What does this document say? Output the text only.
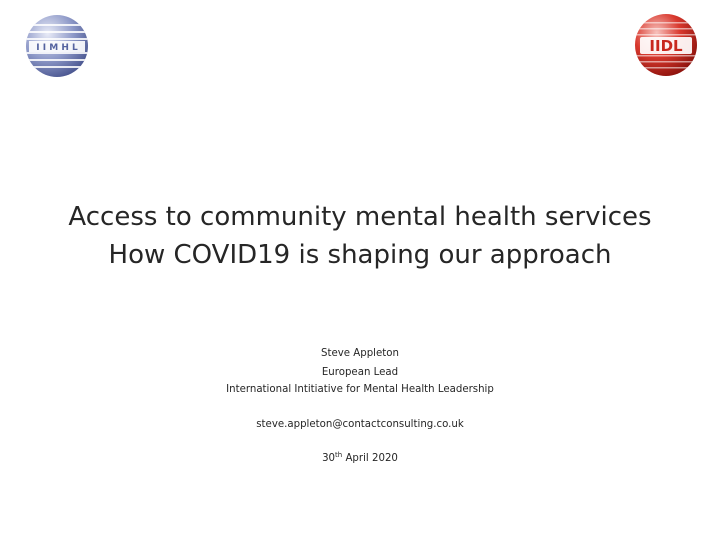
I I M H L	IIDL
Access to community mental health services
How COVID19 is shaping our approach
Steve Appleton
European Lead
International Intitiative for Mental Health Leadership
steve.appleton@contactconsulting.co.uk
30th April 2020
